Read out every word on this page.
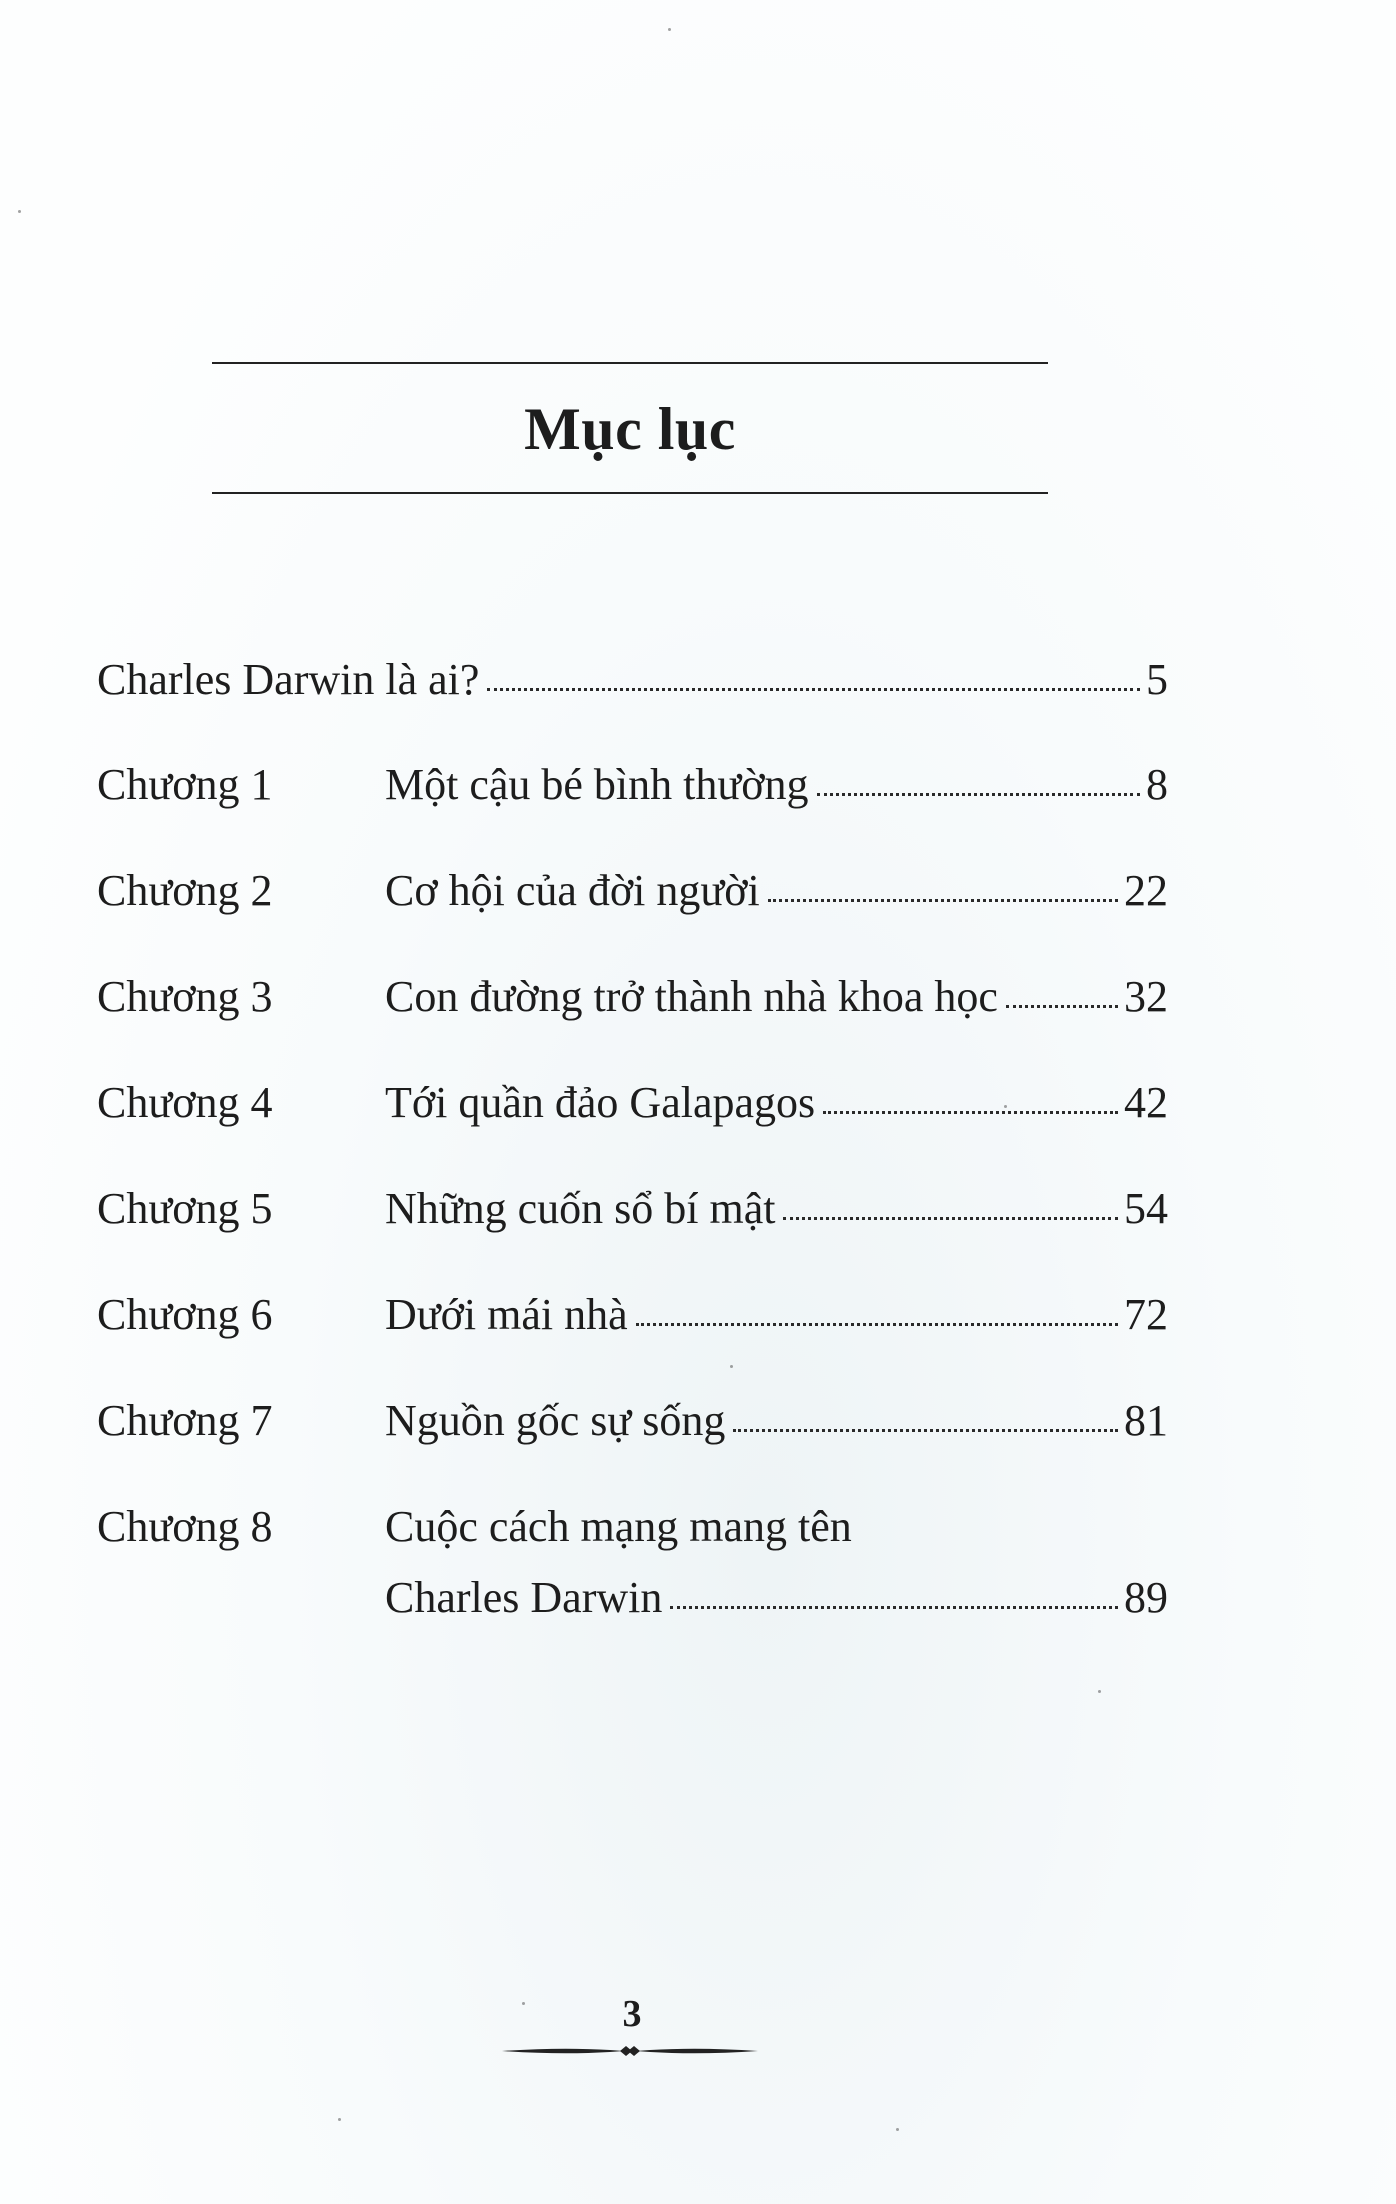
Mục lục
Charles Darwin là ai?	5
Chương 1	Một cậu bé bình thường	8
Chương 2	Cơ hội của đời người	22
Chương 3	Con đường trở thành nhà khoa học	32
Chương 4	Tới quần đảo Galapagos	42
Chương 5	Những cuốn sổ bí mật	54
Chương 6	Dưới mái nhà	72
Chương 7	Nguồn gốc sự sống	81
Chương 8	Cuộc cách mạng mang tên
Charles Darwin	89
3
